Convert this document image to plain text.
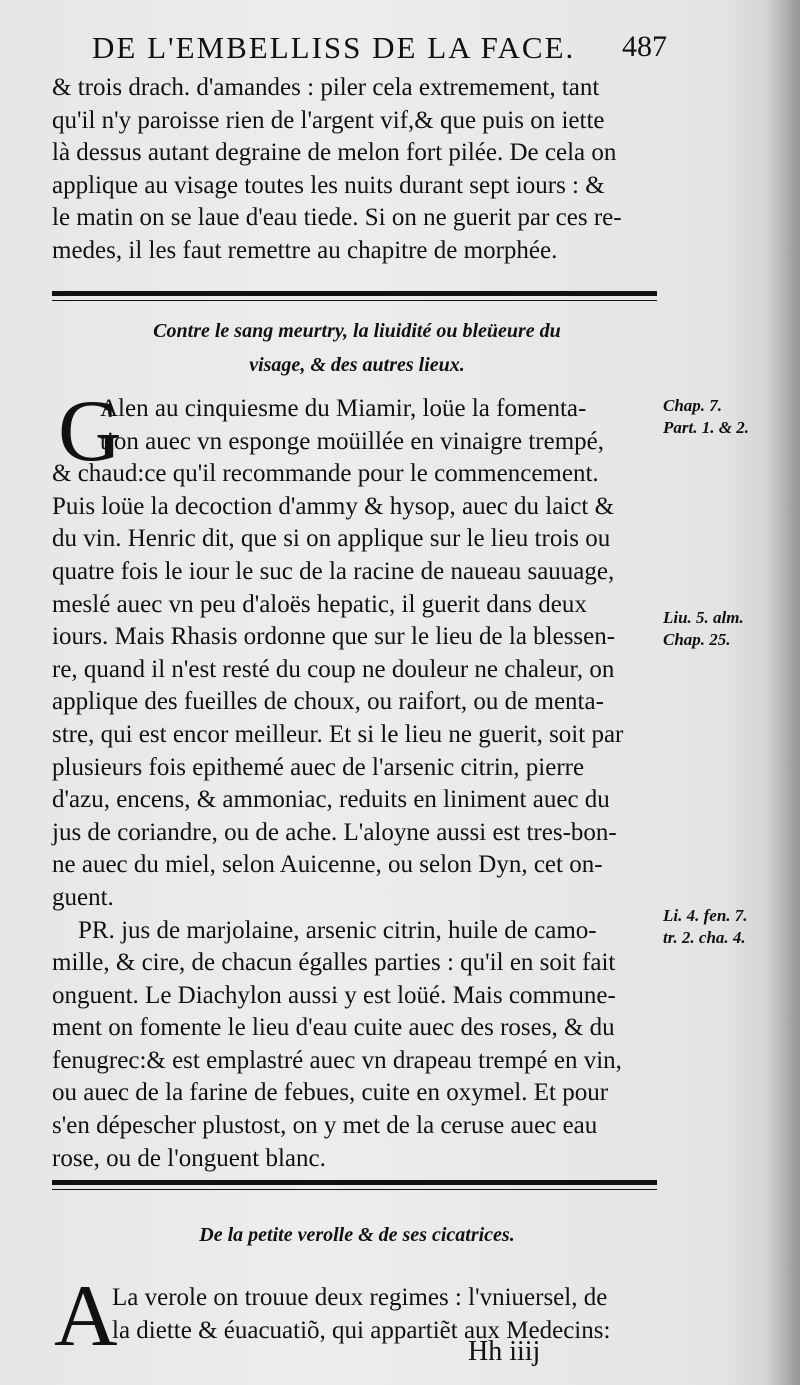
DE L'EMBELLISS DE LA FACE. 487
& trois drach. d'amandes : piler cela extremement, tant
qu'il n'y paroisse rien de l'argent vif,& que puis on iette
là dessus autant degraine de melon fort pilée. De cela on
applique au visage toutes les nuits durant sept iours : &
le matin on se laue d'eau tiede. Si on ne guerit par ces re-
medes, il les faut remettre au chapitre de morphée.
Contre le sang meurtry, la liuidité ou bleüeure du
visage, & des autres lieux.
G
Alen au cinquiesme du Miamir, loüe la fomenta-
tion auec vn esponge moüillée en vinaigre trempé,
& chaud:ce qu'il recommande pour le commencement.
Puis loüe la decoction d'ammy & hysop, auec du laict &
du vin. Henric dit, que si on applique sur le lieu trois ou
quatre fois le iour le suc de la racine de naueau sauuage,
meslé auec vn peu d'aloës hepatic, il guerit dans deux
iours. Mais Rhasis ordonne que sur le lieu de la blessen-
re, quand il n'est resté du coup ne douleur ne chaleur, on
applique des fueilles de choux, ou raifort, ou de menta-
stre, qui est encor meilleur. Et si le lieu ne guerit, soit par
plusieurs fois epithemé auec de l'arsenic citrin, pierre
d'azu, encens, & ammoniac, reduits en liniment auec du
jus de coriandre, ou de ache. L'aloyne aussi est tres-bon-
ne auec du miel, selon Auicenne, ou selon Dyn, cet on-
guent.
PR. jus de marjolaine, arsenic citrin, huile de camo-
mille, & cire, de chacun égalles parties : qu'il en soit fait
onguent. Le Diachylon aussi y est loüé. Mais commune-
ment on fomente le lieu d'eau cuite auec des roses, & du
fenugrec:& est emplastré auec vn drapeau trempé en vin,
ou auec de la farine de febues, cuite en oxymel. Et pour
s'en dépescher plustost, on y met de la ceruse auec eau
rose, ou de l'onguent blanc.
Chap. 7.
Part. 1. & 2.
Liu. 5. alm.
Chap. 25.
Li. 4. fen. 7.
tr. 2. cha. 4.
De la petite verolle & de ses cicatrices.
A
La verole on trouue deux regimes : l'vniuersel, de
la diette & éuacuatiõ, qui appartiẽt aux Medecins:
Hh iiij
